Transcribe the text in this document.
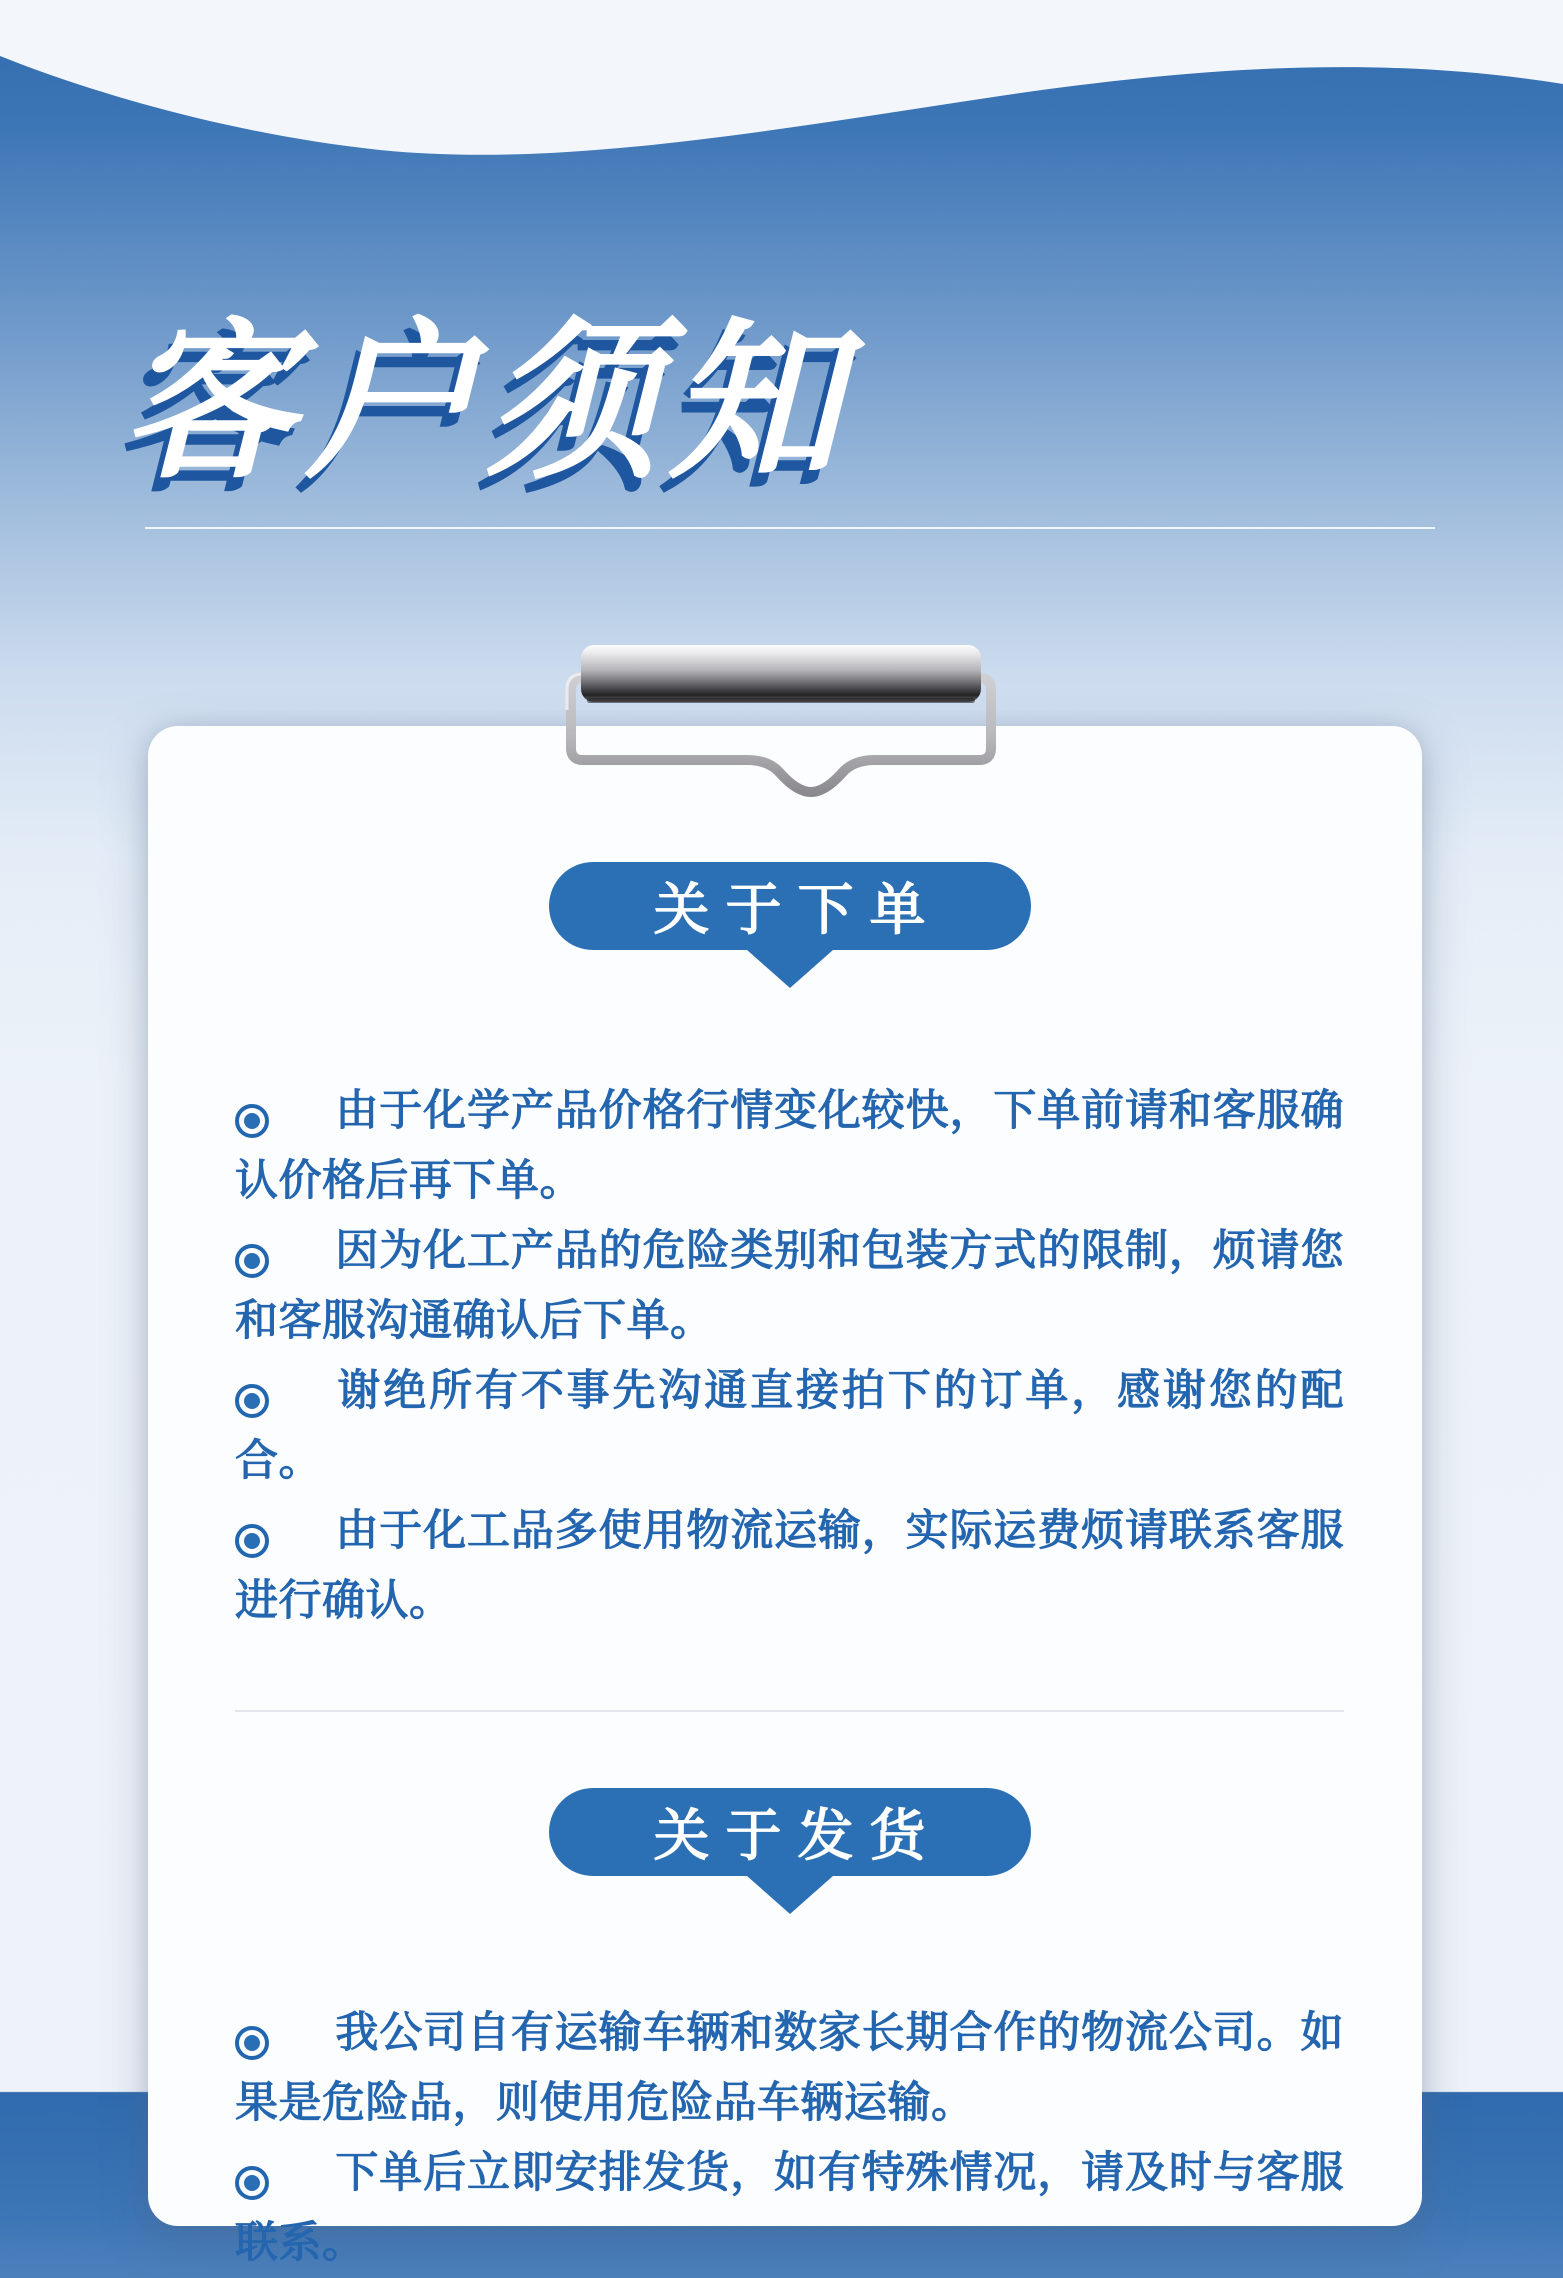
客户须知
关于下单

由于化学产品价格行情变化较快，下单前请和客服确认价格后再下单。

因为化工产品的危险类别和包装方式的限制，烦请您和客服沟通确认后下单。

谢绝所有不事先沟通直接拍下的订单，感谢您的配合。

由于化工品多使用物流运输，实际运费烦请联系客服进行确认。

关于发货

我公司自有运输车辆和数家长期合作的物流公司。如果是危险品，则使用危险品车辆运输。

下单后立即安排发货，如有特殊情况，请及时与客服联系。
